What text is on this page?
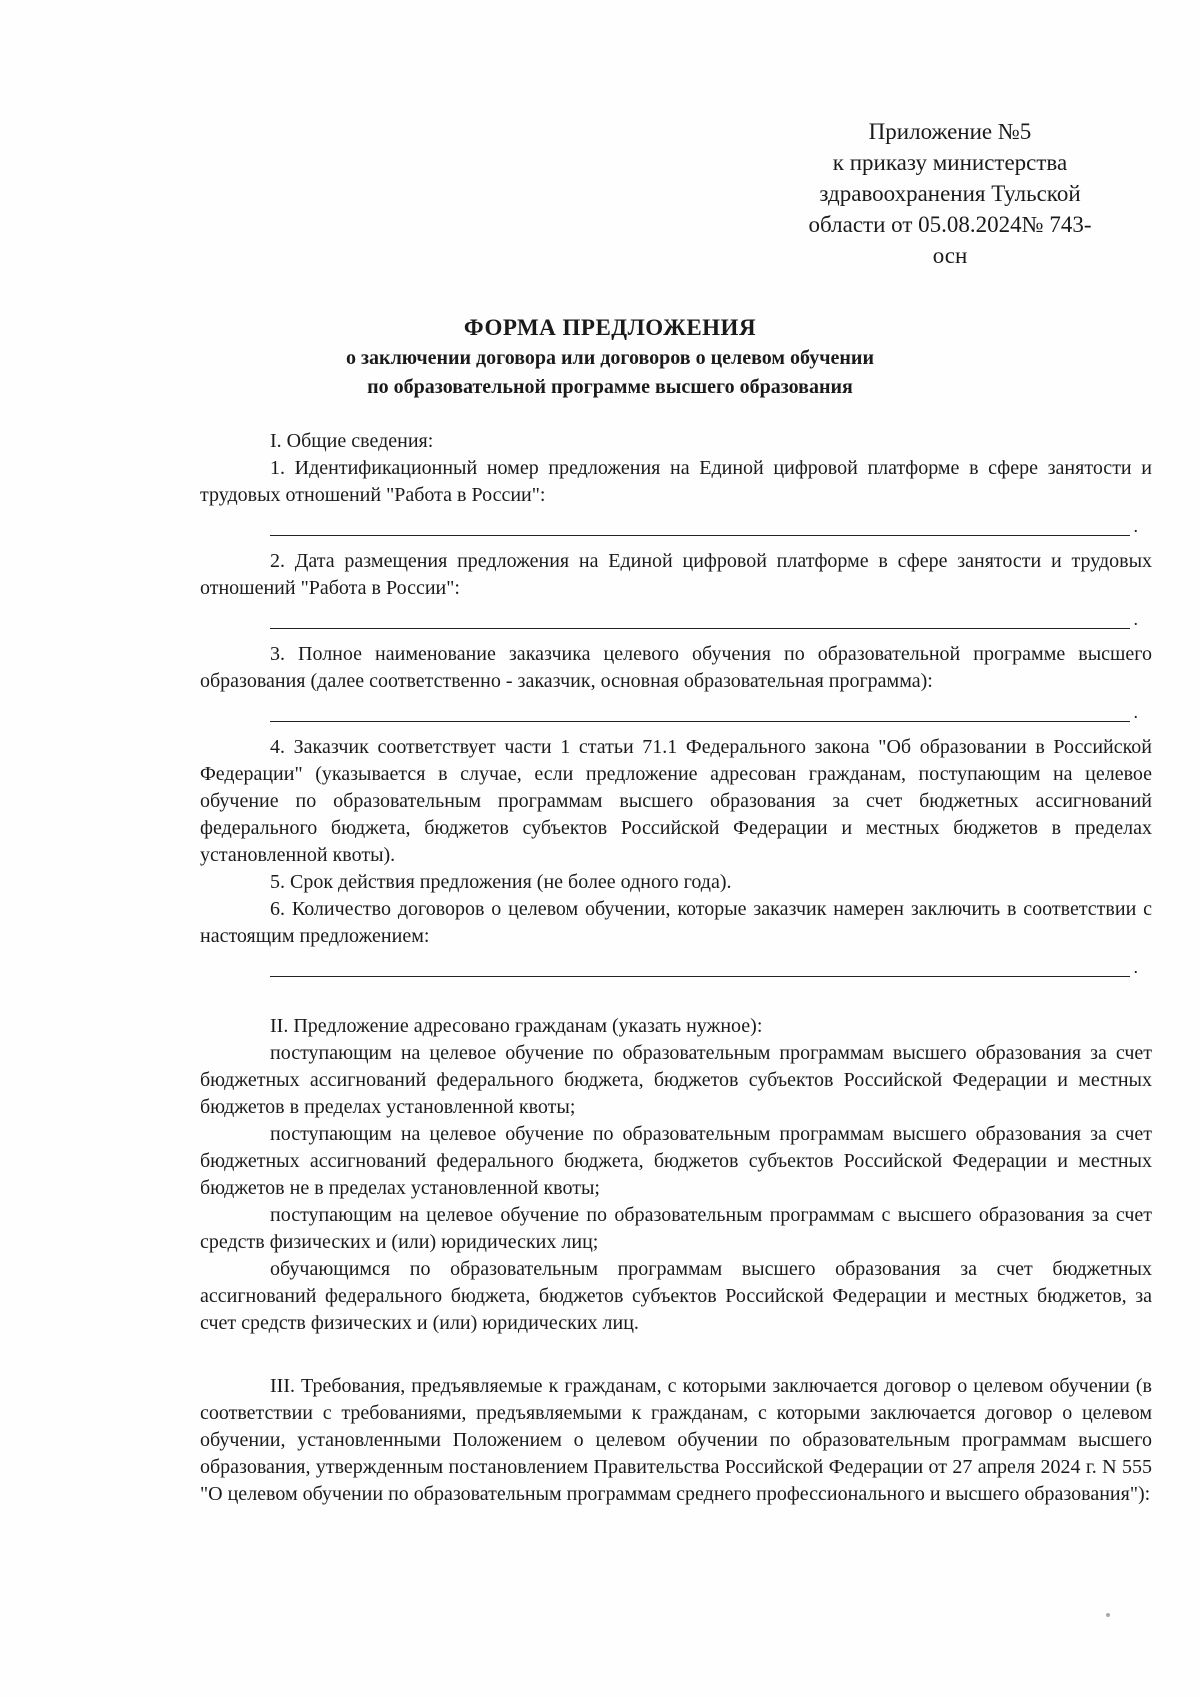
Приложение №5
к приказу министерства
здравоохранения Тульской
области от 05.08.2024№ 743-
осн
ФОРМА ПРЕДЛОЖЕНИЯ
о заключении договора или договоров о целевом обучении
по образовательной программе высшего образования

I. Общие сведения:

1. Идентификационный номер предложения на Единой цифровой платформе в сфере занятости и трудовых отношений "Работа в России":

.

2. Дата размещения предложения на Единой цифровой платформе в сфере занятости и трудовых отношений "Работа в России":

.

3. Полное наименование заказчика целевого обучения по образовательной программе высшего образования (далее соответственно - заказчик, основная образовательная программа):

.

4. Заказчик соответствует части 1 статьи 71.1 Федерального закона "Об образовании в Российской Федерации" (указывается в случае, если предложение адресован гражданам, поступающим на целевое обучение по образовательным программам высшего образования за счет бюджетных ассигнований федерального бюджета, бюджетов субъектов Российской Федерации и местных бюджетов в пределах установленной квоты).

5. Срок действия предложения (не более одного года).

6. Количество договоров о целевом обучении, которые заказчик намерен заключить в соответствии с настоящим предложением:

.

II. Предложение адресовано гражданам (указать нужное):

поступающим на целевое обучение по образовательным программам высшего образования за счет бюджетных ассигнований федерального бюджета, бюджетов субъектов Российской Федерации и местных бюджетов в пределах установленной квоты;

поступающим на целевое обучение по образовательным программам высшего образования за счет бюджетных ассигнований федерального бюджета, бюджетов субъектов Российской Федерации и местных бюджетов не в пределах установленной квоты;

поступающим на целевое обучение по образовательным программам с высшего образования за счет средств физических и (или) юридических лиц;

обучающимся по образовательным программам высшего образования за счет бюджетных ассигнований федерального бюджета, бюджетов субъектов Российской Федерации и местных бюджетов, за счет средств физических и (или) юридических лиц.

III. Требования, предъявляемые к гражданам, с которыми заключается договор о целевом обучении (в соответствии с требованиями, предъявляемыми к гражданам, с которыми заключается договор о целевом обучении, установленными Положением о целевом обучении по образовательным программам высшего образования, утвержденным постановлением Правительства Российской Федерации от 27 апреля 2024 г. N 555 "О целевом обучении по образовательным программам среднего профессионального и высшего образования"):
